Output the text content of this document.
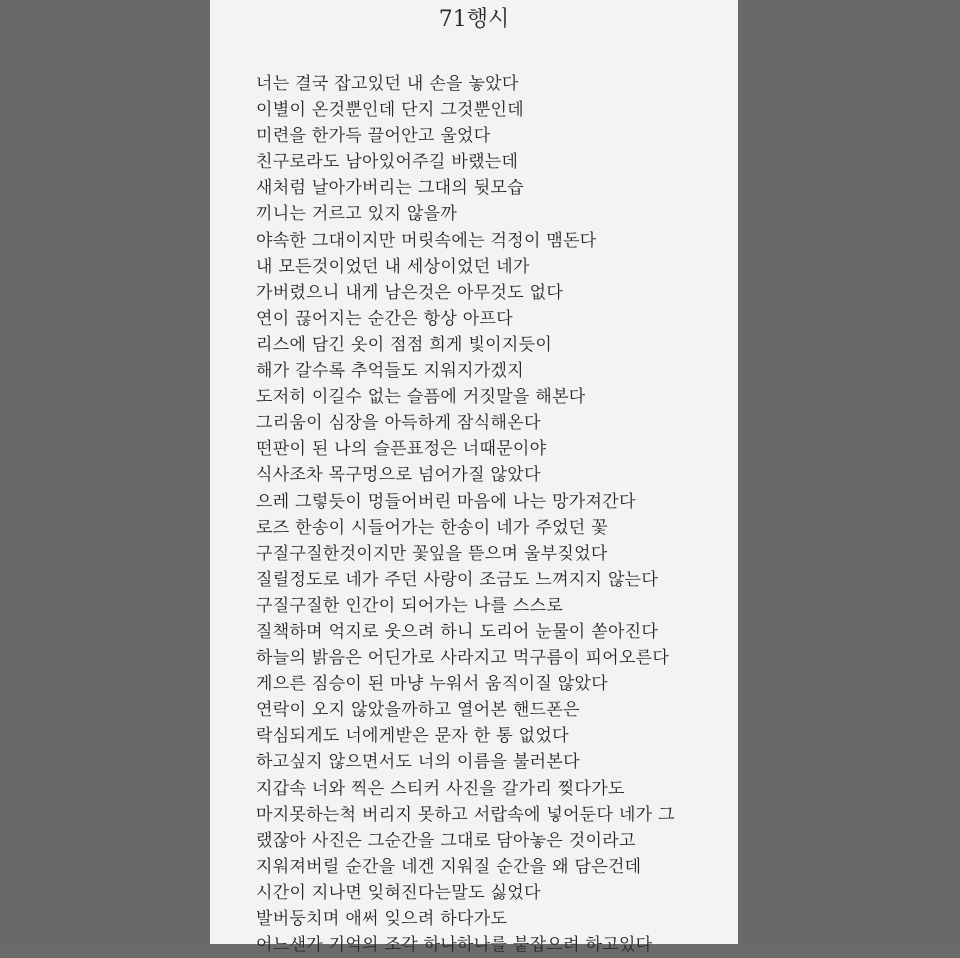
71행시
너는 결국 잡고있던 내 손을 놓았다
이별이 온것뿐인데 단지 그것뿐인데
미련을 한가득 끌어안고 울었다
친구로라도 남아있어주길 바랬는데
새처럼 날아가버리는 그대의 뒷모습
끼니는 거르고 있지 않을까
야속한 그대이지만 머릿속에는 걱정이 맴돈다
내 모든것이었던 내 세상이었던 네가
가버렸으니 내게 남은것은 아무것도 없다
연이 끊어지는 순간은 항상 아프다
리스에 담긴 옷이 점점 희게 빛이지듯이
해가 갈수록 추억들도 지워지가겠지
도저히 이길수 없는 슬픔에 거짓말을 해본다
그리움이 심장을 아득하게 잠식해온다
떤판이 된 나의 슬픈표정은 너때문이야
식사조차 목구멍으로 넘어가질 않았다
으레 그렇듯이 멍들어버린 마음에 나는 망가져간다
로즈 한송이 시들어가는 한송이 네가 주었던 꽃
구질구질한것이지만 꽃잎을 뜯으며 울부짖었다
질릴정도로 네가 주던 사랑이 조금도 느껴지지 않는다
구질구질한 인간이 되어가는 나를 스스로
질책하며 억지로 웃으려 하니 도리어 눈물이 쏟아진다
하늘의 밝음은 어딘가로 사라지고 먹구름이 피어오른다
게으른 짐승이 된 마냥 누워서 움직이질 않았다
연락이 오지 않았을까하고 열어본 핸드폰은
락심되게도 너에게받은 문자 한 통 없었다
하고싶지 않으면서도 너의 이름을 불러본다
지갑속 너와 찍은 스티커 사진을 갈가리 찢다가도
마지못하는척 버리지 못하고 서랍속에 넣어둔다 네가 그
랬잖아 사진은 그순간을 그대로 담아놓은 것이라고
지워져버릴 순간을 네겐 지워질 순간을 왜 담은건데
시간이 지나면 잊혀진다는말도 싫었다
발버둥치며 애써 잊으려 하다가도
어느샌가 기억의 조각 하나하나를 붙잡으려 하고있다
